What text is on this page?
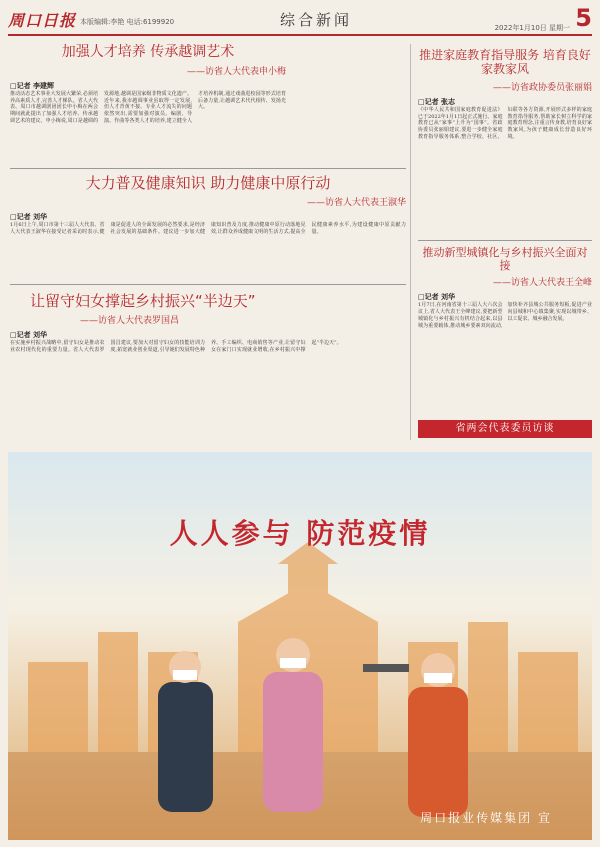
周口日报 本版编辑:李艳 电话:6199920	综合新闻	2022年1月10日 星期一 5
加强人才培养 传承越调艺术
——访省人大代表申小梅
□记者 李建辉
推动活态艺术事业大发展大繁荣,必须培养高素质人才,完善人才梯队。省人大代表、周口市越调剧团团长申小梅在两会期间就此提出了加强人才培养、传承越调艺术的建议。申小梅说,周口是越调的发源地,越调是国家级非物质文化遗产。近年来,我市越调事业虽取得一定发展,但人才青黄不接、专业人才流失的问题依然突出,需要加强对演员、编剧、导演、作曲等各类人才的培养,建立健全人才培养机制,通过戏曲进校园等形式培育后备力量,让越调艺术代代相传、发扬光大。
大力普及健康知识 助力健康中原行动
——访省人大代表王淑华
□记者 刘华
1月6日上午,周口市第十三届人大代表、省人大代表王淑华在接受记者采访时表示,健康是促进人的全面发展的必然要求,是经济社会发展的基础条件。建议进一步加大健康知识普及力度,推动健康中原行动落地见效,让群众养成健康文明的生活方式,提高全民健康素养水平,为建设健康中原贡献力量。
让留守妇女撑起乡村振兴“半边天”
——访省人大代表罗国昌
□记者 刘华
在实施乡村振兴战略中,留守妇女是推动农业农村现代化的重要力量。省人大代表罗国昌建议,要加大对留守妇女的技能培训力度,拓宽就业创业渠道,引导她们发展特色种养、手工编织、电商销售等产业,让留守妇女在家门口实现就业增收,在乡村振兴中撑起“半边天”。
推进家庭教育指导服务 培育良好家教家风
——访省政协委员张丽娟
□记者 张志
《中华人民共和国家庭教育促进法》已于2022年1月1日起正式施行。家庭教育已从“家事”上升为“国事”。省政协委员张丽娟建议,要进一步健全家庭教育指导服务体系,整合学校、社区、妇联等各方资源,开展形式多样的家庭教育指导服务,帮助家长树立科学的家庭教育理念,注重言传身教,培育良好家教家风,为孩子健康成长营造良好环境。
推动新型城镇化与乡村振兴全面对接
——访省人大代表王全峰
□记者 刘华
1月7日,在河南省第十三届人大六次会议上,省人大代表王全峰建议,要把新型城镇化与乡村振兴有机结合起来,以县城为重要载体,推动城乡要素双向流动,加快补齐县城公共服务短板,促进产业向县城和中心镇集聚,实现以城带乡、以工促农、城乡融合发展。
省两会代表委员访谈
人人参与 防范疫情
周口报业传媒集团 宣
